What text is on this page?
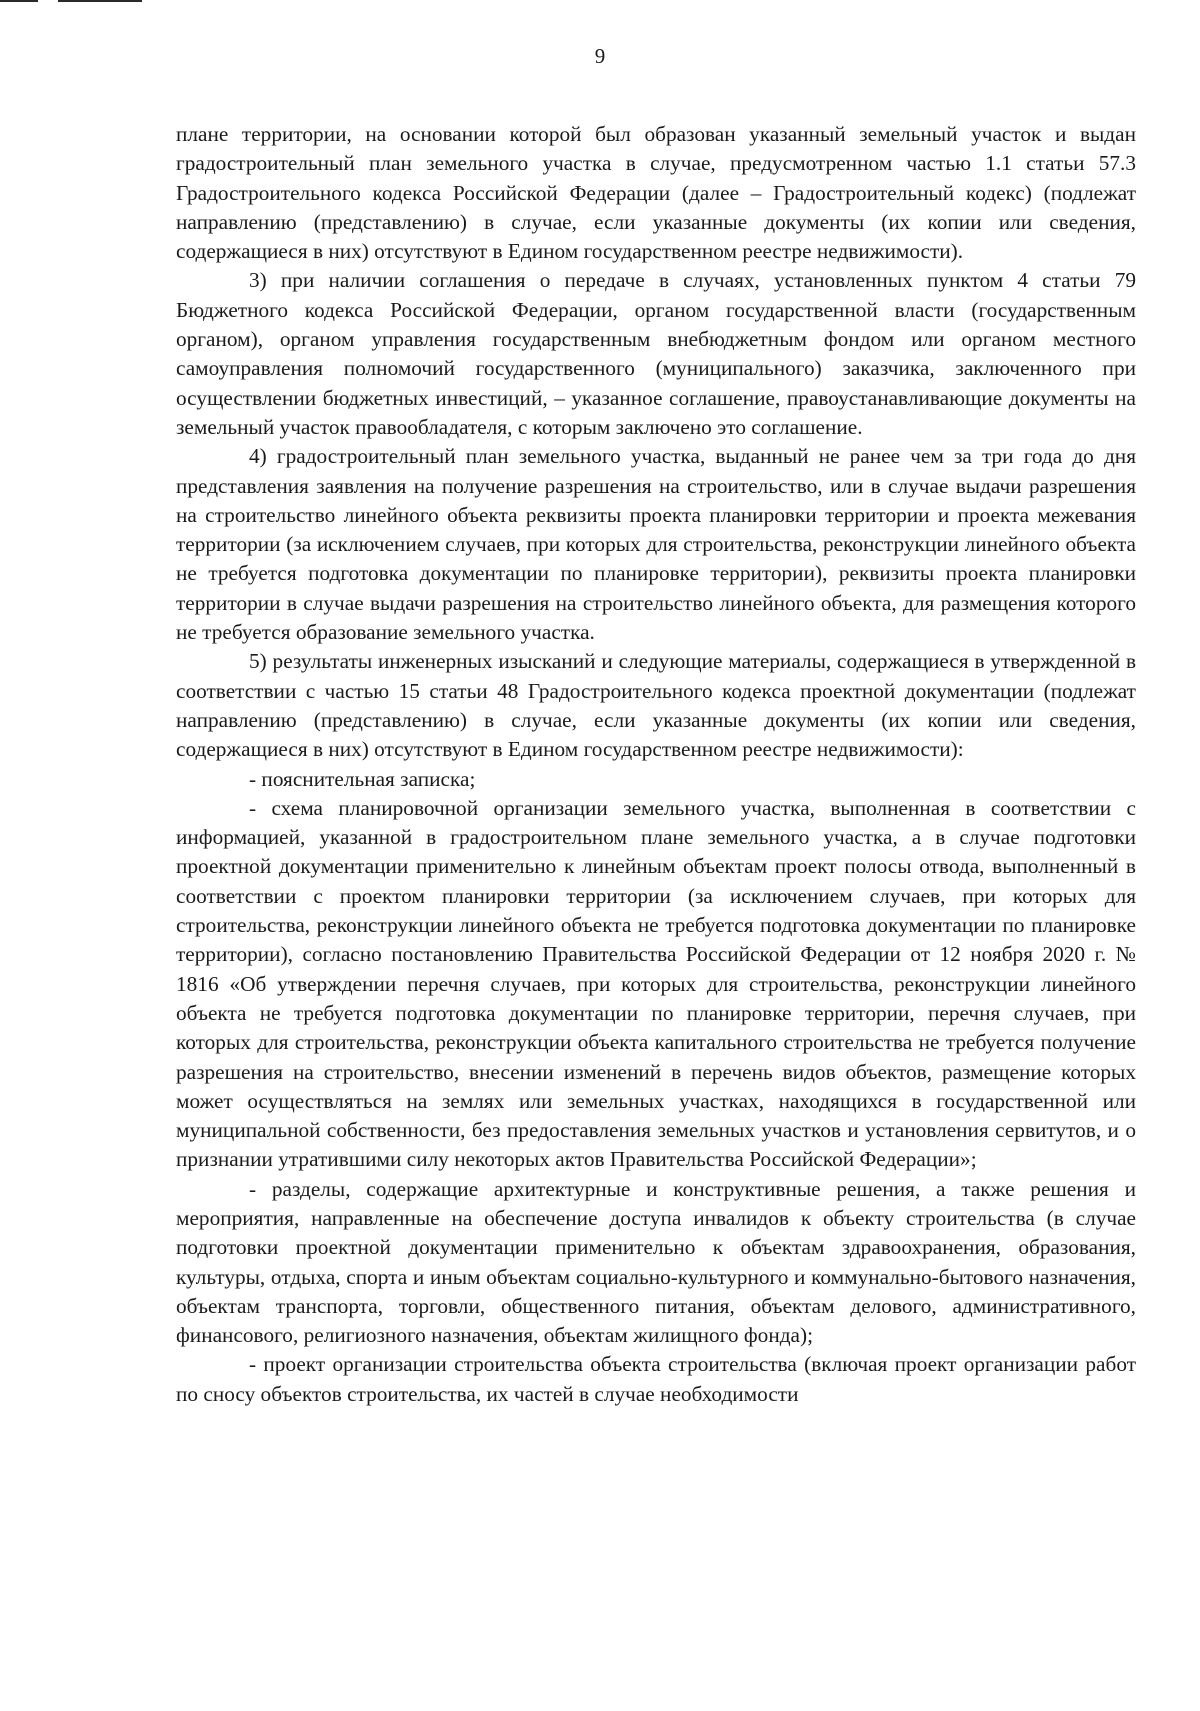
9

плане территории, на основании которой был образован указанный земельный участок и выдан градостроительный план земельного участка в случае, предусмотренном частью 1.1 статьи 57.3 Градостроительного кодекса Российской Федерации (далее – Градостроительный кодекс) (подлежат направлению (представлению) в случае, если указанные документы (их копии или сведения, содержащиеся в них) отсутствуют в Едином государственном реестре недвижимости).

3) при наличии соглашения о передаче в случаях, установленных пунктом 4 статьи 79 Бюджетного кодекса Российской Федерации, органом государственной власти (государственным органом), органом управления государственным внебюджетным фондом или органом местного самоуправления полномочий государственного (муниципального) заказчика, заключенного при осуществлении бюджетных инвестиций, – указанное соглашение, правоустанавливающие документы на земельный участок правообладателя, с которым заключено это соглашение.

4) градостроительный план земельного участка, выданный не ранее чем за три года до дня представления заявления на получение разрешения на строительство, или в случае выдачи разрешения на строительство линейного объекта реквизиты проекта планировки территории и проекта межевания территории (за исключением случаев, при которых для строительства, реконструкции линейного объекта не требуется подготовка документации по планировке территории), реквизиты проекта планировки территории в случае выдачи разрешения на строительство линейного объекта, для размещения которого не требуется образование земельного участка.

5) результаты инженерных изысканий и следующие материалы, содержащиеся в утвержденной в соответствии с частью 15 статьи 48 Градостроительного кодекса проектной документации (подлежат направлению (представлению) в случае, если указанные документы (их копии или сведения, содержащиеся в них) отсутствуют в Едином государственном реестре недвижимости):

- пояснительная записка;

- схема планировочной организации земельного участка, выполненная в соответствии с информацией, указанной в градостроительном плане земельного участка, а в случае подготовки проектной документации применительно к линейным объектам проект полосы отвода, выполненный в соответствии с проектом планировки территории (за исключением случаев, при которых для строительства, реконструкции линейного объекта не требуется подготовка документации по планировке территории), согласно постановлению Правительства Российской Федерации от 12 ноября 2020 г. № 1816 «Об утверждении перечня случаев, при которых для строительства, реконструкции линейного объекта не требуется подготовка документации по планировке территории, перечня случаев, при которых для строительства, реконструкции объекта капитального строительства не требуется получение разрешения на строительство, внесении изменений в перечень видов объектов, размещение которых может осуществляться на землях или земельных участках, находящихся в государственной или муниципальной собственности, без предоставления земельных участков и установления сервитутов, и о признании утратившими силу некоторых актов Правительства Российской Федерации»;

- разделы, содержащие архитектурные и конструктивные решения, а также решения и мероприятия, направленные на обеспечение доступа инвалидов к объекту строительства (в случае подготовки проектной документации применительно к объектам здравоохранения, образования, культуры, отдыха, спорта и иным объектам социально-культурного и коммунально-бытового назначения, объектам транспорта, торговли, общественного питания, объектам делового, административного, финансового, религиозного назначения, объектам жилищного фонда);

- проект организации строительства объекта строительства (включая проект организации работ по сносу объектов строительства, их частей в случае необходимости
